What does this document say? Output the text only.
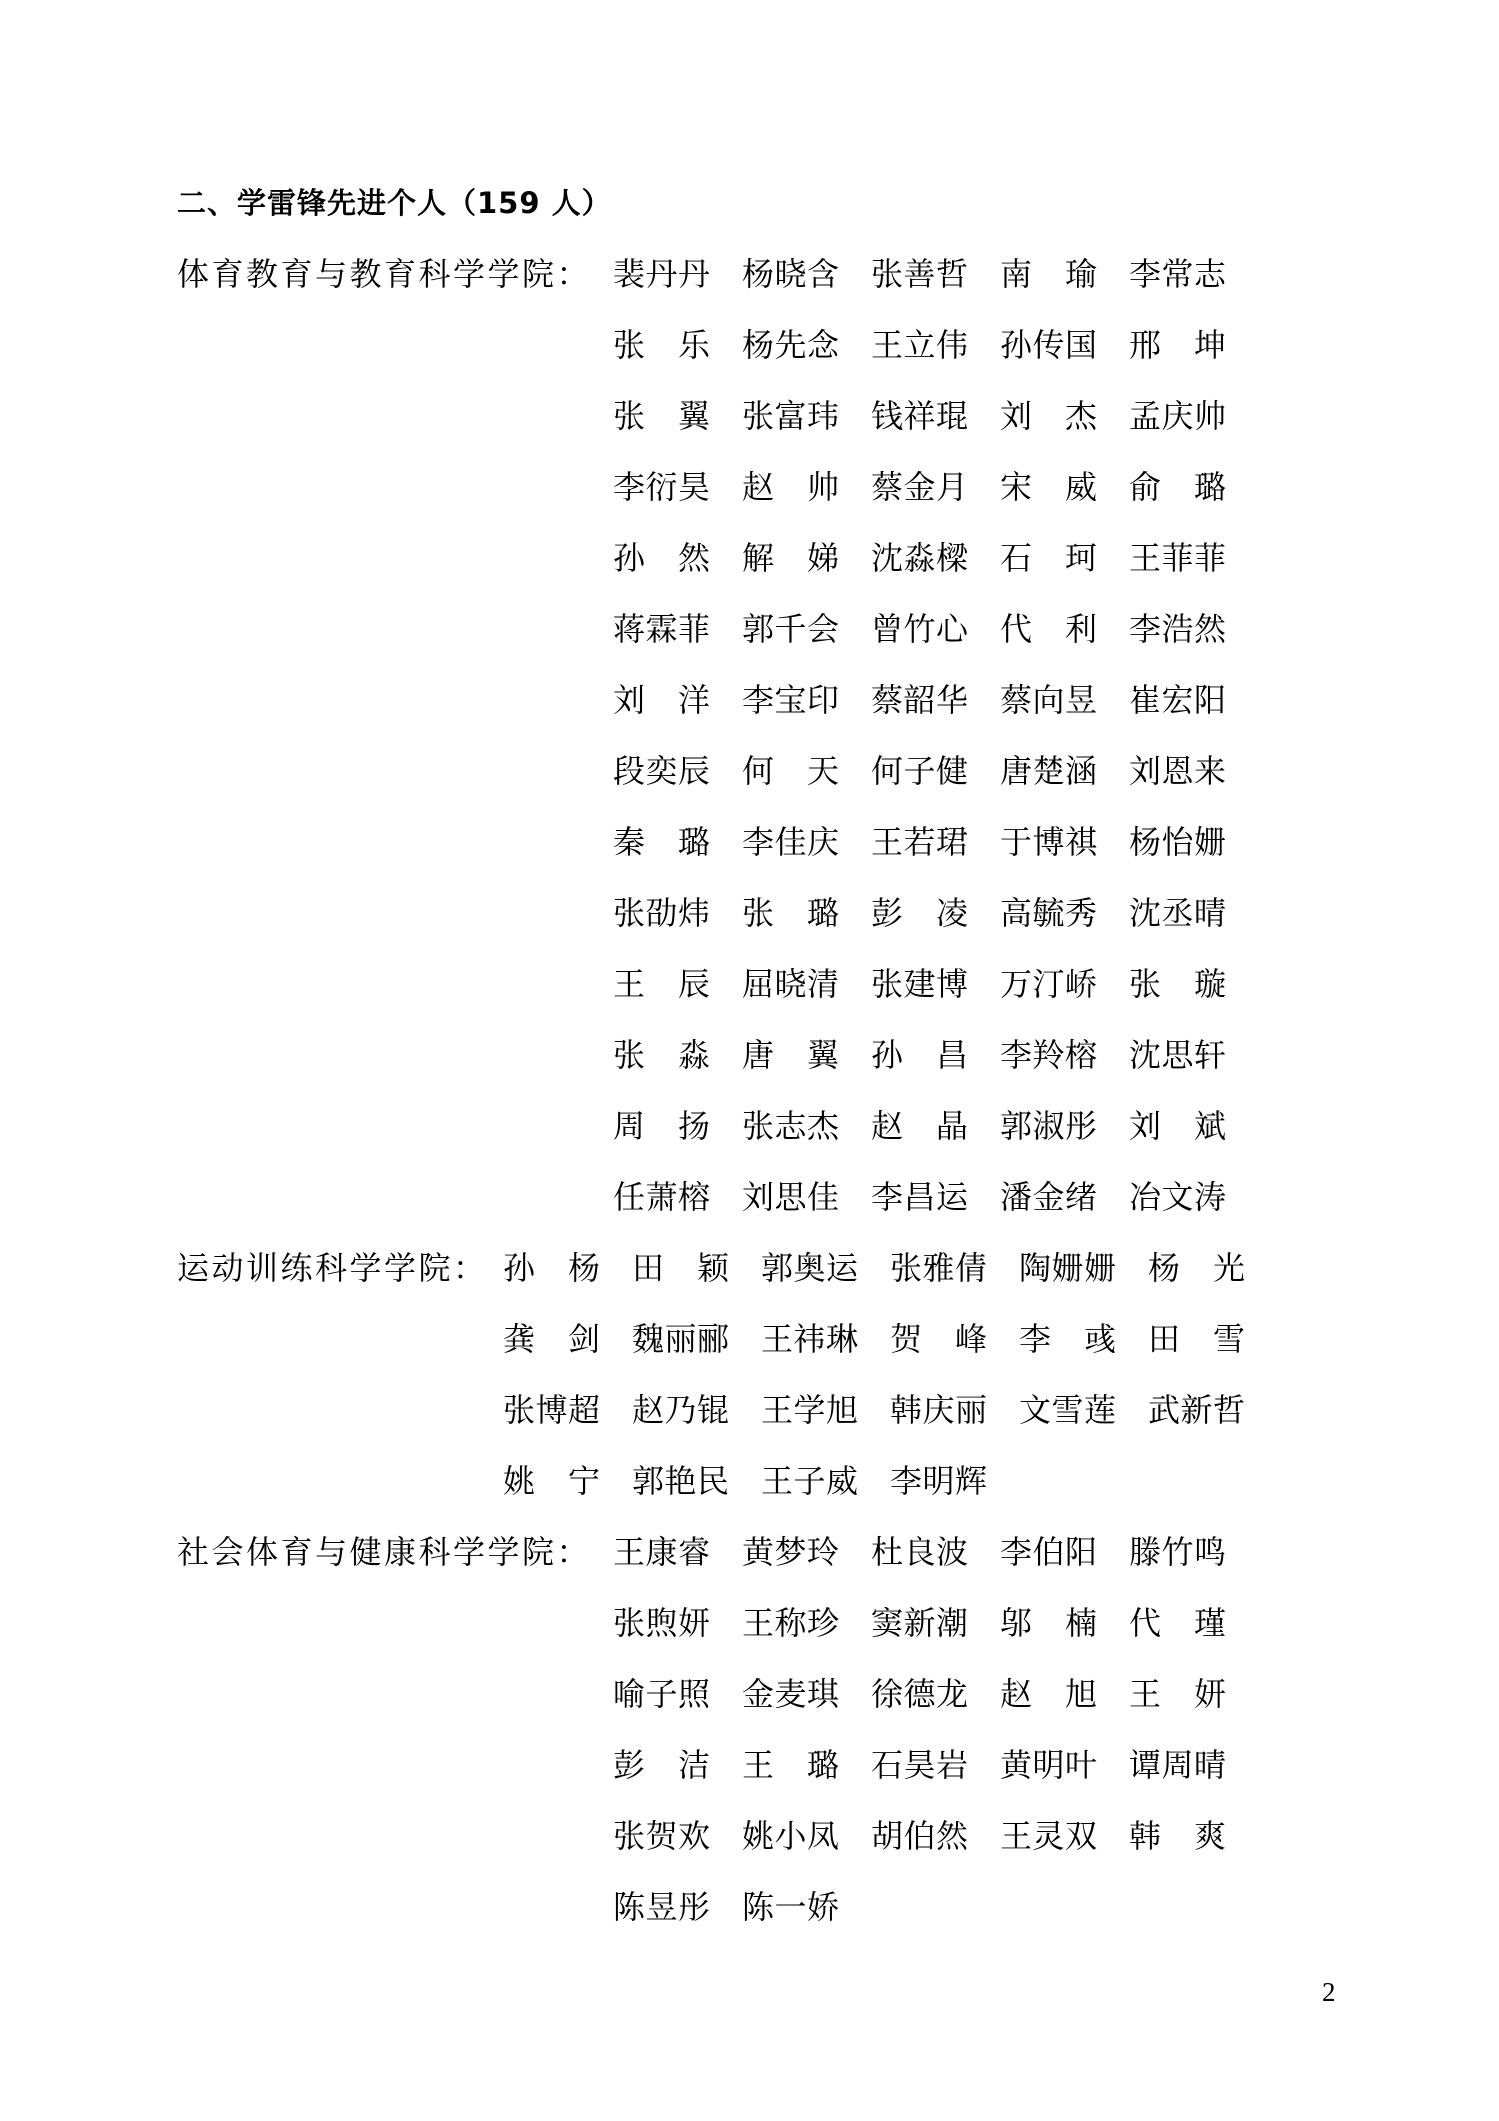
二、学雷锋先进个人（159 人）
体育教育与教育科学学院： 裴丹丹 杨晓含 张善哲 南　瑜 李常志
张　乐 杨先念 王立伟 孙传国 邢　坤
张　翼 张富玮 钱祥琨 刘　杰 孟庆帅
李衍昊 赵　帅 蔡金月 宋　威 俞　璐
孙　然 解　娣 沈淼樑 石　珂 王菲菲
蒋霖菲 郭千会 曾竹心 代　利 李浩然
刘　洋 李宝印 蔡韶华 蔡向昱 崔宏阳
段奕辰 何　天 何子健 唐楚涵 刘恩来
秦　璐 李佳庆 王若珺 于博祺 杨怡姗
张劭炜 张　璐 彭　凌 高毓秀 沈丞晴
王　辰 屈晓清 张建博 万汀峤 张　璇
张　淼 唐　翼 孙　昌 李羚榕 沈思轩
周　扬 张志杰 赵　晶 郭淑彤 刘　斌
任萧榕 刘思佳 李昌运 潘金绪 冶文涛
运动训练科学学院： 孙　杨 田　颖 郭奥运 张雅倩 陶姗姗 杨　光
龚　剑 魏丽郦 王祎琳 贺　峰 李　彧 田　雪
张博超 赵乃锟 王学旭 韩庆丽 文雪莲 武新哲
姚　宁 郭艳民 王子威 李明辉
社会体育与健康科学学院： 王康睿 黄梦玲 杜良波 李伯阳 滕竹鸣
张煦妍 王称珍 窦新潮 邬　楠 代　瑾
喻子照 金麦琪 徐德龙 赵　旭 王　妍
彭　洁 王　璐 石昊岩 黄明叶 谭周晴
张贺欢 姚小凤 胡伯然 王灵双 韩　爽
陈昱彤 陈一娇
2
